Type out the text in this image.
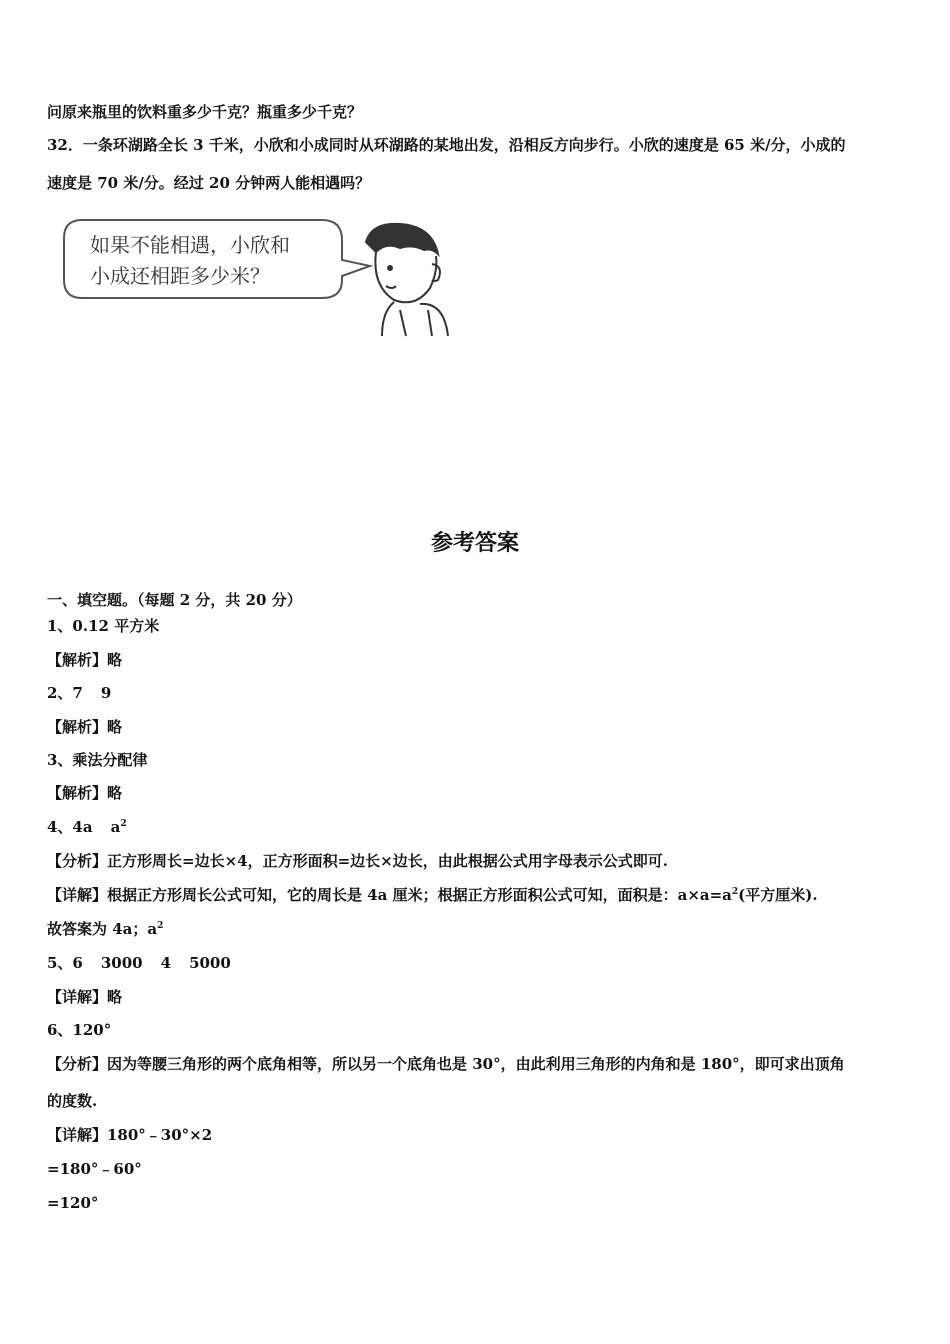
问原来瓶里的饮料重多少千克？瓶重多少千克？
32．一条环湖路全长 3 千米，小欣和小成同时从环湖路的某地出发，沿相反方向步行。小欣的速度是 65 米/分，小成的
速度是 70 米/分。经过 20 分钟两人能相遇吗？
如果不能相遇，小欣和
小成还相距多少米？
参考答案
一、填空题。（每题 2 分，共 20 分）
1、0.12 平方米
【解析】略
2、7 9
【解析】略
3、乘法分配律
【解析】略
4、4a $a^2$
【分析】正方形周长=边长×4，正方形面积=边长×边长，由此根据公式用字母表示公式即可.
【详解】根据正方形周长公式可知，它的周长是 4a 厘米；根据正方形面积公式可知，面积是：$a\times a=a^2$(平方厘米).
故答案为 4a；$a^2$
5、6 3000 4 5000
【详解】略
6、120°
【分析】因为等腰三角形的两个底角相等，所以另一个底角也是 30°，由此利用三角形的内角和是 180°，即可求出顶角
的度数.
【详解】180°﹣30°×2
=180°﹣60°
=120°
